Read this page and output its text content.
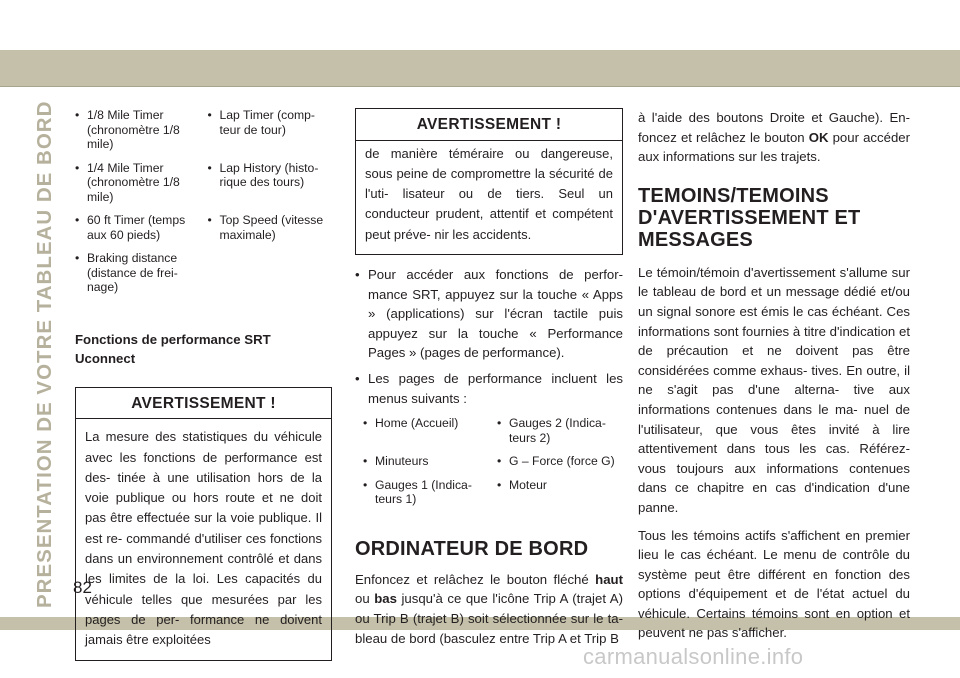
PRESENTATION DE VOTRE TABLEAU DE BORD 82
carmanualsonline.info
• 1/8 Mile Timer (chronomètre 1/8 mile)
• Lap Timer (comp- teur de tour)
• 1/4 Mile Timer (chronomètre 1/8 mile)
• Lap History (histo- rique des tours)
• 60 ft Timer (temps aux 60 pieds)
• Top Speed (vitesse maximale)
• Braking distance (distance de frei- nage)
Fonctions de performance SRT Uconnect
AVERTISSEMENT !
La mesure des statistiques du véhicule avec les fonctions de performance est des- tinée à une utilisation hors de la voie publique ou hors route et ne doit pas être effectuée sur la voie publique. Il est re- commandé d'utiliser ces fonctions dans un environnement contrôlé et dans les limites de la loi. Les capacités du véhicule telles que mesurées par les pages de per- formance ne doivent jamais être exploitées
AVERTISSEMENT !
de manière téméraire ou dangereuse, sous peine de compromettre la sécurité de l'uti- lisateur ou de tiers. Seul un conducteur prudent, attentif et compétent peut préve- nir les accidents.
• Pour accéder aux fonctions de perfor- mance SRT, appuyez sur la touche « Apps » (applications) sur l'écran tactile puis appuyez sur la touche « Performance Pages » (pages de performance).
• Les pages de performance incluent les menus suivants :
• Home (Accueil)	• Gauges 2 (Indica- teurs 2)
• Minuteurs	• G – Force (force G)
• Gauges 1 (Indica- teurs 1)
• Moteur
ORDINATEUR DE BORD

Enfoncez et relâchez le bouton fléché haut ou bas jusqu'à ce que l'icône Trip A (trajet A) ou Trip B (trajet B) soit sélectionnée sur le ta- bleau de bord (basculez entre Trip A et Trip B

à l'aide des boutons Droite et Gauche). En- foncez et relâchez le bouton OK pour accéder aux informations sur les trajets.

TEMOINS/TEMOINS D'AVERTISSEMENT ET MESSAGES

Le témoin/témoin d'avertissement s'allume sur le tableau de bord et un message dédié et/ou un signal sonore est émis le cas échéant. Ces informations sont fournies à titre d'indication et de précaution et ne doivent pas être considérées comme exhaus- tives. En outre, il ne s'agit pas d'une alterna- tive aux informations contenues dans le ma- nuel de l'utilisateur, que vous êtes invité à lire attentivement dans tous les cas. Référez- vous toujours aux informations contenues dans ce chapitre en cas d'indication d'une panne.

Tous les témoins actifs s'affichent en premier lieu le cas échéant. Le menu de contrôle du système peut être différent en fonction des options d'équipement et de l'état actuel du véhicule. Certains témoins sont en option et peuvent ne pas s'afficher.
